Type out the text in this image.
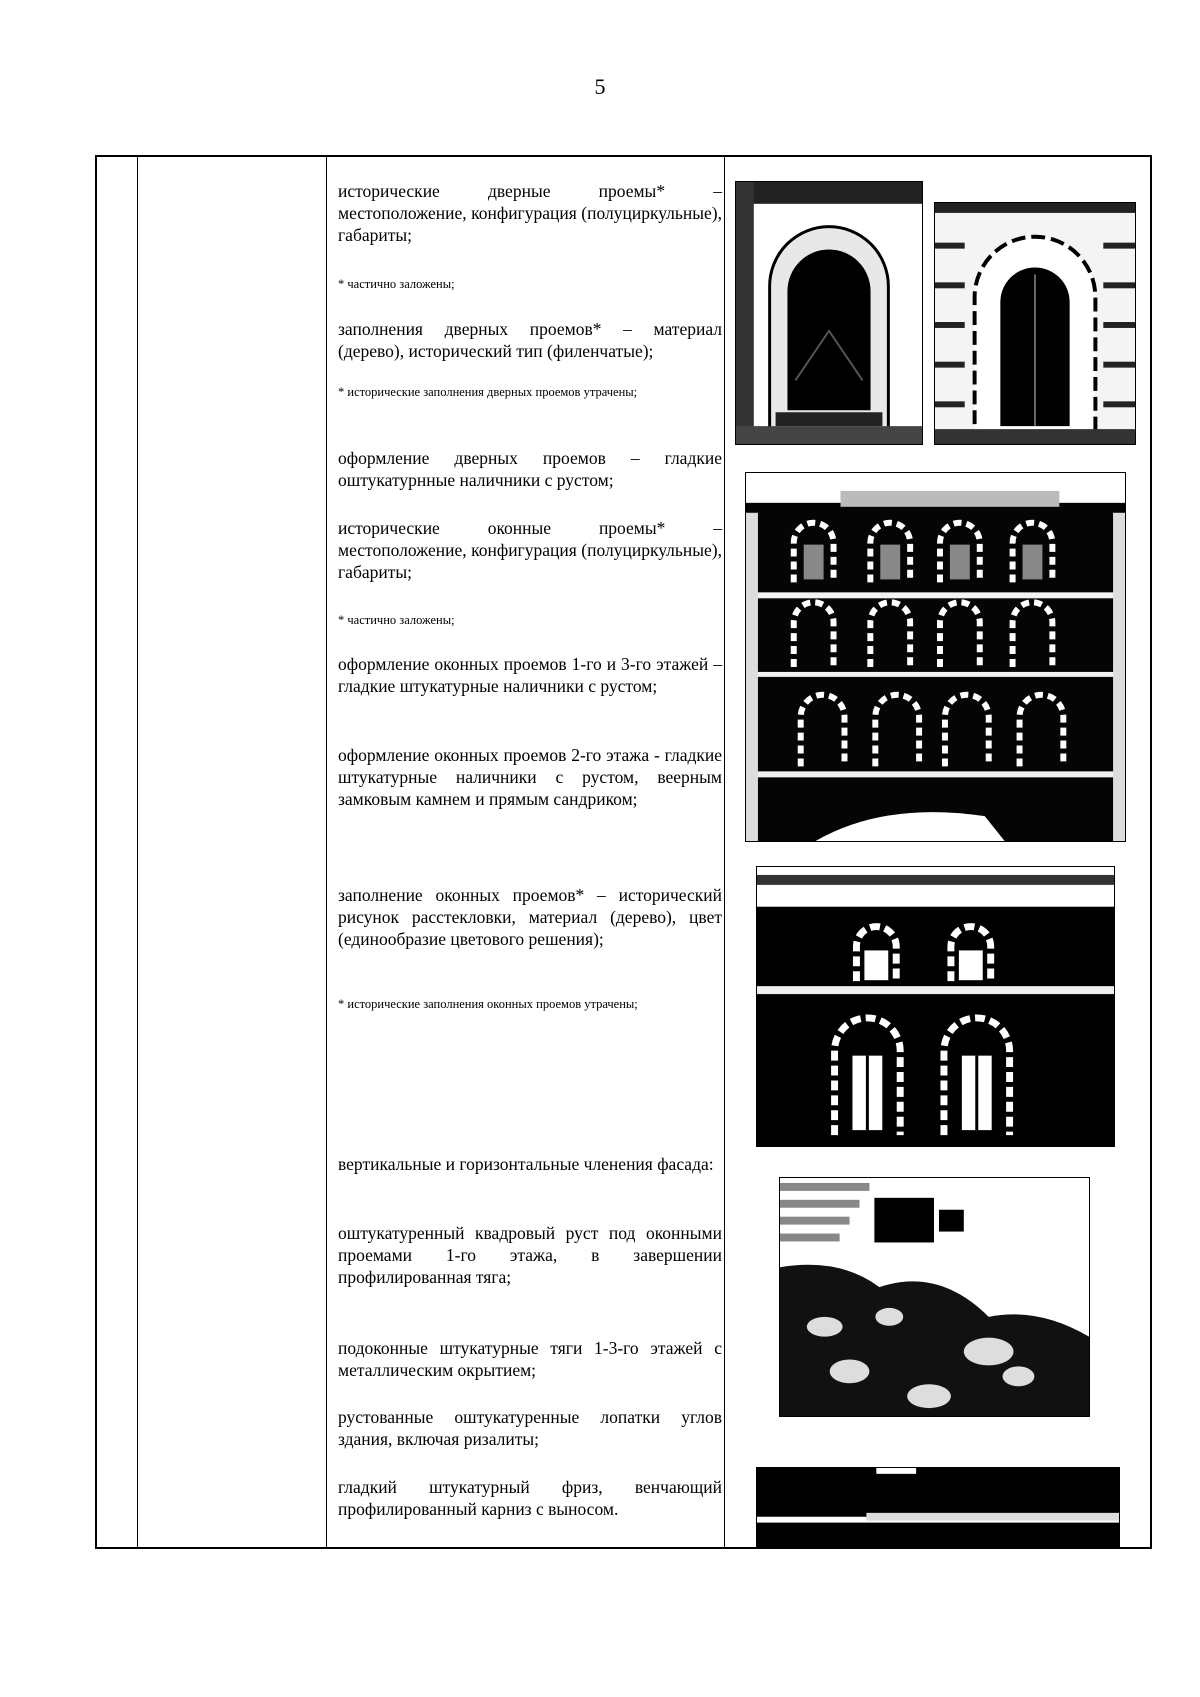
5
исторические дверные проемы* – местоположение, конфигурация (полуциркульные), габариты;
* частично заложены;
заполнения дверных проемов* – материал (дерево), исторический тип (филенчатые);
* исторические заполнения дверных проемов утрачены;
оформление дверных проемов – гладкие оштукатурнные наличники с рустом;
исторические оконные проемы* – местоположение, конфигурация (полуциркульные), габариты;
* частично заложены;
оформление оконных проемов 1-го и 3-го этажей – гладкие штукатурные наличники с рустом;
оформление оконных проемов 2-го этажа - гладкие штукатурные наличники с рустом, веерным замковым камнем и прямым сандриком;
заполнение оконных проемов* – исторический рисунок расстекловки, материал (дерево), цвет (единообразие цветового решения);
* исторические заполнения оконных проемов утрачены;
вертикальные и горизонтальные членения фасада:
оштукатуренный квадровый руст под оконными проемами 1-го этажа, в завершении профилированная тяга;
подоконные штукатурные тяги 1-3-го этажей с металлическим окрытием;
рустованные оштукатуренные лопатки углов здания, включая ризалиты;
гладкий штукатурный фриз, венчающий профилированный карниз с выносом.
